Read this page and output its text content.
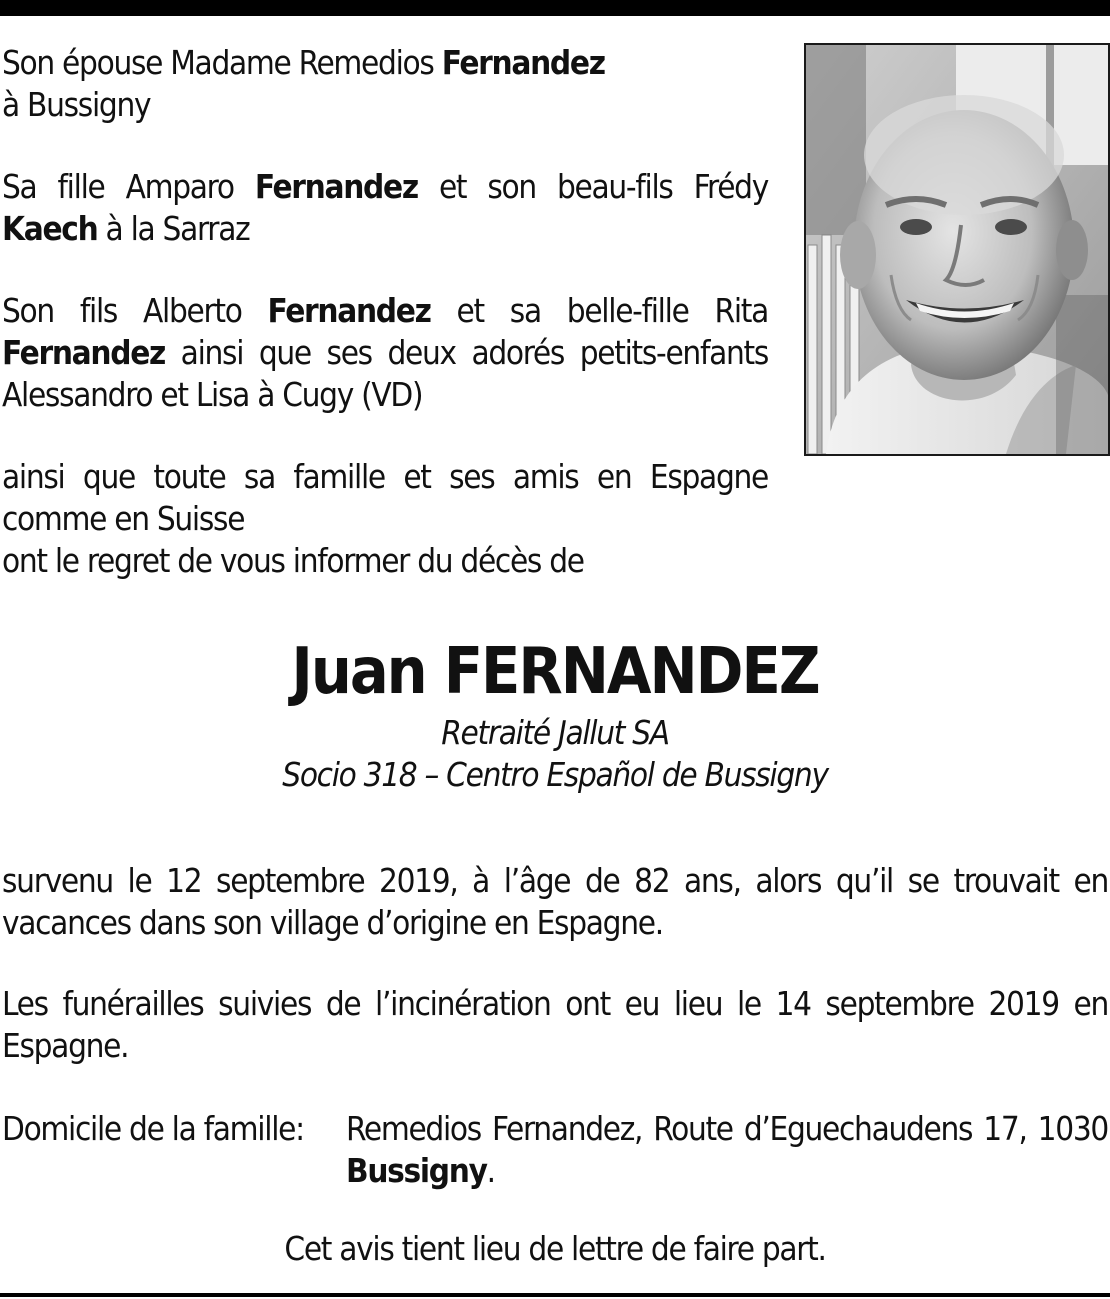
Son épouse Madame Remedios Fernandez
à Bussigny

Sa fille Amparo Fernandez et son beau-fils Frédy Kaech à la Sarraz

Son fils Alberto Fernandez et sa belle-fille Rita Fernandez ainsi que ses deux adorés petits-enfants Alessandro et Lisa à Cugy (VD)

ainsi que toute sa famille et ses amis en Espagne comme en Suisse
ont le regret de vous informer du décès de

Juan FERNANDEZ
Retraité Jallut SA
Socio 318 – Centro Español de Bussigny

survenu le 12 septembre 2019, à l’âge de 82 ans, alors qu’il se trouvait en vacances dans son village d’origine en Espagne.

Les funérailles suivies de l’incinération ont eu lieu le 14 septembre 2019 en Espagne.

Domicile de la famille: Remedios Fernandez, Route d’Eguechaudens 17, 1030 Bussigny.
Cet avis tient lieu de lettre de faire part.
